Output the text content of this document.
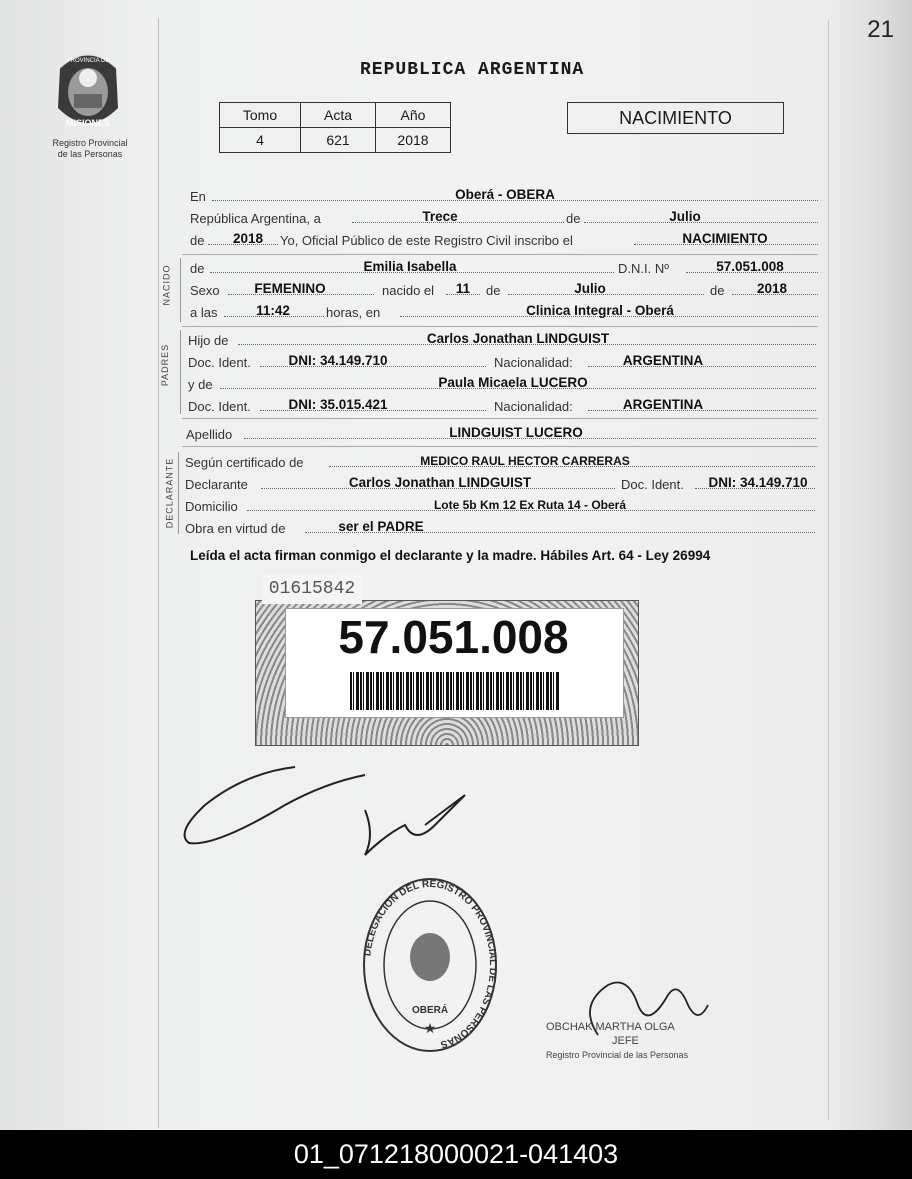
21
PROVINCIA DE
MISIONES
Registro Provincial
de las Personas
REPUBLICA ARGENTINA
Tomo	Acta	Año
4	621	2018
NACIMIENTO
En	Oberá - OBERA
República Argentina, a	Trece	de	Julio
de	2018	Yo, Oficial Público de este Registro Civil inscribo el	NACIMIENTO
NACIDO de	Emilia Isabella	D.N.I. Nº	57.051.008
Sexo	FEMENINO	nacido el	11	de	Julio	de	2018
a las	11:42	horas, en	Clinica Integral - Oberá
PADRES
Hijo de	Carlos Jonathan LINDGUIST
Doc. Ident.	DNI: 34.149.710	Nacionalidad:	ARGENTINA
y de	Paula Micaela LUCERO
Doc. Ident.	DNI: 35.015.421	Nacionalidad:	ARGENTINA
Apellido	LINDGUIST LUCERO
DECLARANTE Según certificado de	MEDICO RAUL HECTOR CARRERAS
Declarante	Carlos Jonathan LINDGUIST	Doc. Ident.	DNI: 34.149.710
Domicilio	Lote 5b Km 12 Ex Ruta 14 - Oberá
Obra en virtud de	ser el PADRE
Leída el acta firman conmigo el declarante y la madre. Hábiles Art. 64 - Ley 26994
01615842
57.051.008
DELEGACION DEL REGISTRO PROVINCIAL DE LAS PERSONAS
OBERÁ
★	OBCHAK MARTHA OLGA
JEFE
Registro Provincial de las Personas
01_071218000021-041403
